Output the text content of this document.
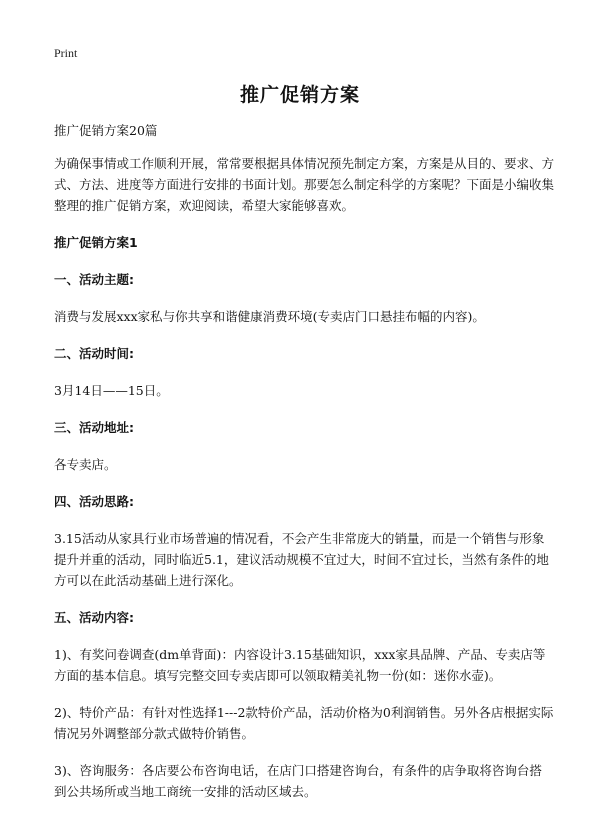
Print
推广促销方案

推广促销方案20篇

为确保事情或工作顺利开展，常常要根据具体情况预先制定方案，方案是从目的、要求、方式、方法、进度等方面进行安排的书面计划。那要怎么制定科学的方案呢？下面是小编收集整理的推广促销方案，欢迎阅读，希望大家能够喜欢。

推广促销方案1

一、活动主题:

消费与发展xxx家私与你共享和谐健康消费环境(专卖店门口悬挂布幅的内容)。

二、活动时间:

3月14日——15日。

三、活动地址:

各专卖店。

四、活动思路:

3.15活动从家具行业市场普遍的情况看，不会产生非常庞大的销量，而是一个销售与形象提升并重的活动，同时临近5.1，建议活动规模不宜过大，时间不宜过长，当然有条件的地方可以在此活动基础上进行深化。

五、活动内容:

1)、有奖问卷调查(dm单背面)：内容设计3.15基础知识，xxx家具品牌、产品、专卖店等方面的基本信息。填写完整交回专卖店即可以领取精美礼物一份(如：迷你水壶)。

2)、特价产品：有针对性选择1---2款特价产品，活动价格为0利润销售。另外各店根据实际情况另外调整部分款式做特价销售。

3)、咨询服务：各店要公布咨询电话，在店门口搭建咨询台，有条件的店争取将咨询台搭到公共场所或当地工商统一安排的活动区域去。
